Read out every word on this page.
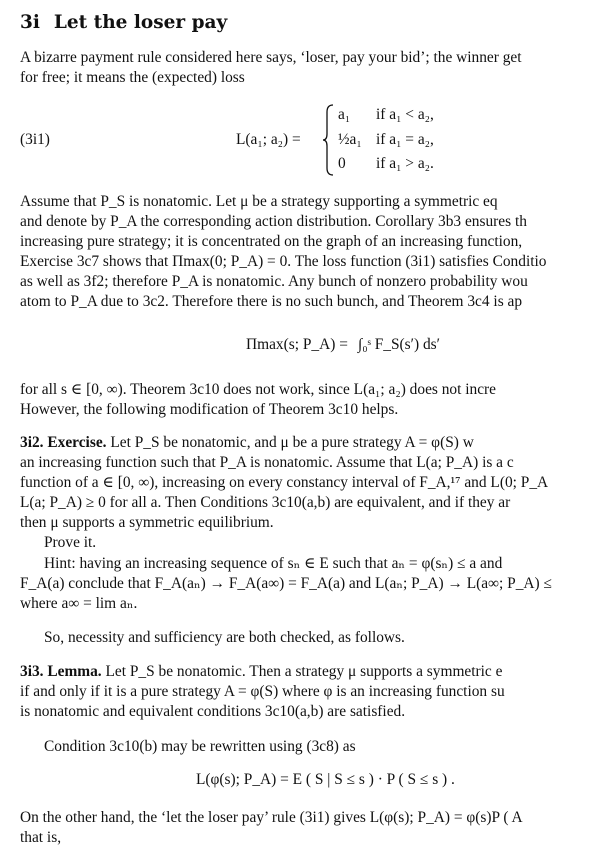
3i Let the loser pay
A bizarre payment rule considered here says, ‘loser, pay your bid’; the winner get
for free; it means the (expected) loss
(3i1)	L(a₁; a₂) =
a₁ if a₁ < a₂,
½a₁ if a₁ = a₂,
0 if a₁ > a₂.
Assume that P_S is nonatomic. Let μ be a strategy supporting a symmetric eq
and denote by P_A the corresponding action distribution. Corollary 3b3 ensures th
increasing pure strategy; it is concentrated on the graph of an increasing function,
Exercise 3c7 shows that Πmax(0; P_A) = 0. The loss function (3i1) satisfies Conditio
as well as 3f2; therefore P_A is nonatomic. Any bunch of nonzero probability wou
atom to P_A due to 3c2. Therefore there is no such bunch, and Theorem 3c4 is ap
Πmax(s; P_A) = ∫₀ˢ F_S(s′) ds′
for all s ∈ [0, ∞). Theorem 3c10 does not work, since L(a₁; a₂) does not incre
However, the following modification of Theorem 3c10 helps.
3i2. Exercise. Let P_S be nonatomic, and μ be a pure strategy A = φ(S) w
an increasing function such that P_A is nonatomic. Assume that L(a; P_A) is a c
function of a ∈ [0, ∞), increasing on every constancy interval of F_A,¹⁷ and L(0; P_A
L(a; P_A) ≥ 0 for all a. Then Conditions 3c10(a,b) are equivalent, and if they ar
then μ supports a symmetric equilibrium.
Prove it.
Hint: having an increasing sequence of sₙ ∈ E such that aₙ = φ(sₙ) ≤ a and
F_A(a) conclude that F_A(aₙ) → F_A(a∞) = F_A(a) and L(aₙ; P_A) → L(a∞; P_A) ≤
where a∞ = lim aₙ.
So, necessity and sufficiency are both checked, as follows.
3i3. Lemma. Let P_S be nonatomic. Then a strategy μ supports a symmetric e
if and only if it is a pure strategy A = φ(S) where φ is an increasing function su
is nonatomic and equivalent conditions 3c10(a,b) are satisfied.
Condition 3c10(b) may be rewritten using (3c8) as
L(φ(s); P_A) = E ( S | S ≤ s ) · P ( S ≤ s ) .
On the other hand, the ‘let the loser pay’ rule (3i1) gives L(φ(s); P_A) = φ(s)P ( A
that is,
